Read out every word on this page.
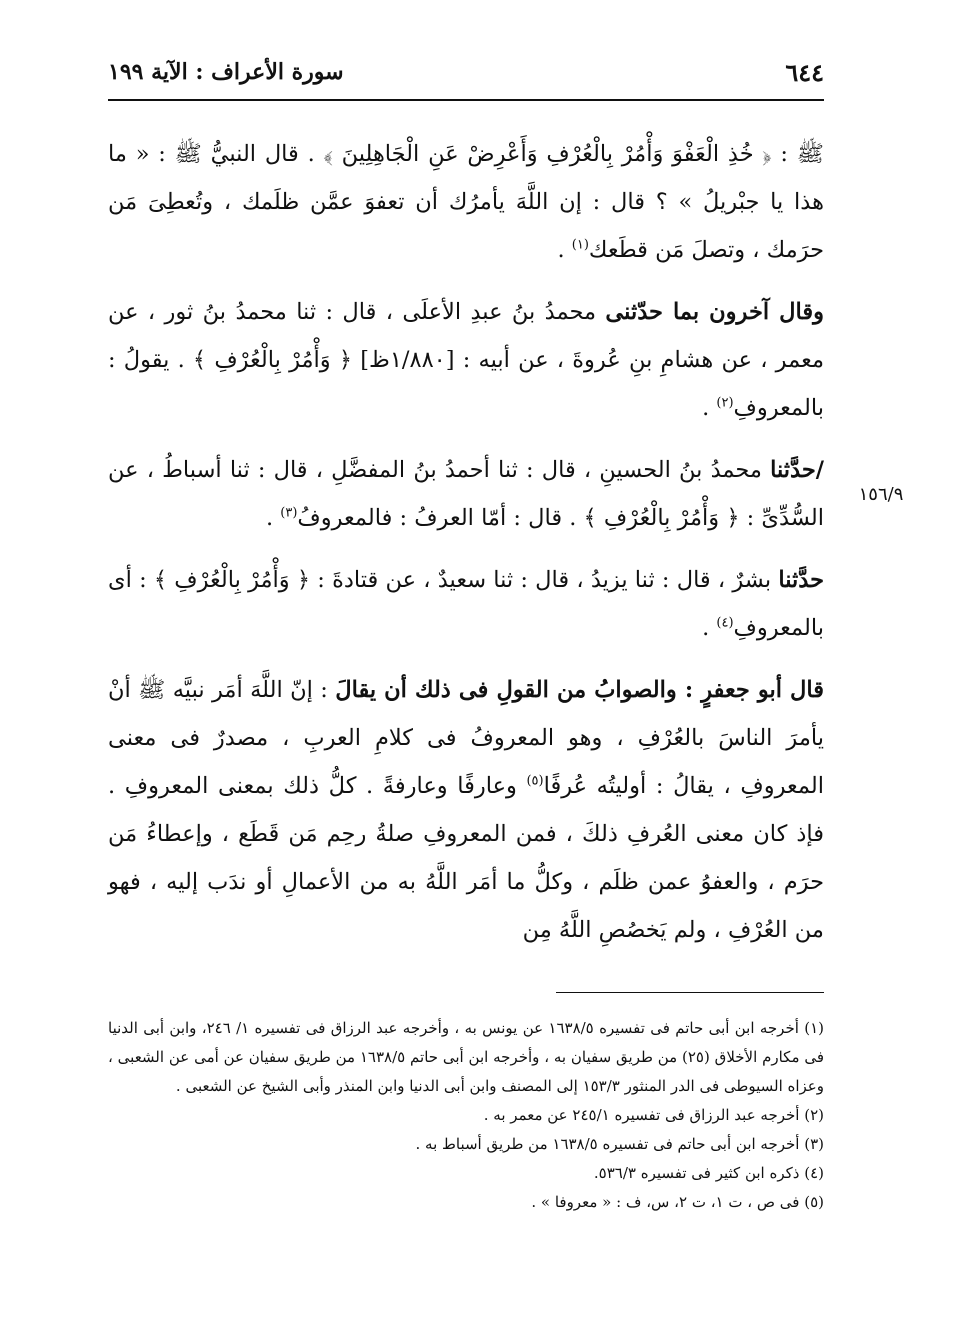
٦٤٤
سورة الأعراف : الآية ١٩٩
١٥٦/٩

ﷺ : ﴿ خُذِ الْعَفْوَ وَأْمُرْ بِالْعُرْفِ وَأَعْرِضْ عَنِ الْجَاهِلِينَ ﴾ . قال النبيُّ ﷺ : « ما هذا يا جبْريلُ » ؟ قال : إن اللَّهَ يأمرُك أن تعفوَ عمَّن ظلَمك ، وتُعطِىَ مَن حرَمك ، وتصلَ مَن قطَعك$^{(١)}$ .

وقال آخرون بما حدّثنى محمدُ بنُ عبدِ الأعلَى ، قال : ثنا محمدُ بنُ ثور ، عن معمر ، عن هشامِ بنِ عُروةَ ، عن أبيه : [١/٨٨٠ظ] ﴿ وَأْمُرْ بِالْعُرْفِ ﴾ . يقولُ : بالمعروفِ$^{(٢)}$ .

/حدَّثنا محمدُ بنُ الحسينِ ، قال : ثنا أحمدُ بنُ المفضَّلِ ، قال : ثنا أسباطُ ، عن السُّدِّىِّ : ﴿ وَأْمُرْ بِالْعُرْفِ ﴾ . قال : أمّا العرفُ : فالمعروفُ$^{(٣)}$ .

حدَّثنا بشرٌ ، قال : ثنا يزيدُ ، قال : ثنا سعيدٌ ، عن قتادةَ : ﴿ وَأْمُرْ بِالْعُرْفِ ﴾ : أى بالمعروفِ$^{(٤)}$ .

قال أبو جعفرٍ : والصوابُ من القولِ فى ذلك أن يقالَ : إنّ اللَّهَ أمَر نبيَّه ﷺ أنْ يأمرَ الناسَ بالعُرْفِ ، وهو المعروفُ فى كلامِ العربِ ، مصدرٌ فى معنى المعروفِ ، يقالُ : أوليتُه عُرفًا$^{(٥)}$ وعارفًا وعارفةً . كلُّ ذلك بمعنى المعروفِ . فإذ كان معنى العُرفِ ذلكَ ، فمن المعروفِ صلةُ رحِم مَن قَطَع ، وإعطاءُ مَن حرَم ، والعفوُ عمن ظلَم ، وكلُّ ما أمَر اللَّهُ به من الأعمالِ أو ندَب إليه ، فهو من العُرْفِ ، ولم يَخصُصِ اللَّهُ مِن

(١) أخرجه ابن أبى حاتم فى تفسيره ١٦٣٨/٥ عن يونس به ، وأخرجه عبد الرزاق فى تفسيره ١/ ٢٤٦، وابن أبى الدنيا فى مكارم الأخلاق (٢٥) من طريق سفيان به ، وأخرجه ابن أبى حاتم ١٦٣٨/٥ من طريق سفيان عن أمى عن الشعبى ، وعزاه السيوطى فى الدر المنثور ١٥٣/٣ إلى المصنف وابن أبى الدنيا وابن المنذر وأبى الشيخ عن الشعبى .

(٢) أخرجه عبد الرزاق فى تفسيره ٢٤٥/١ عن معمر به .

(٣) أخرجه ابن أبى حاتم فى تفسيره ١٦٣٨/٥ من طريق أسباط به .

(٤) ذكره ابن كثير فى تفسيره ٥٣٦/٣.

(٥) فى ص ، ت ١، ت ٢، س، ف : « معروفا » .
